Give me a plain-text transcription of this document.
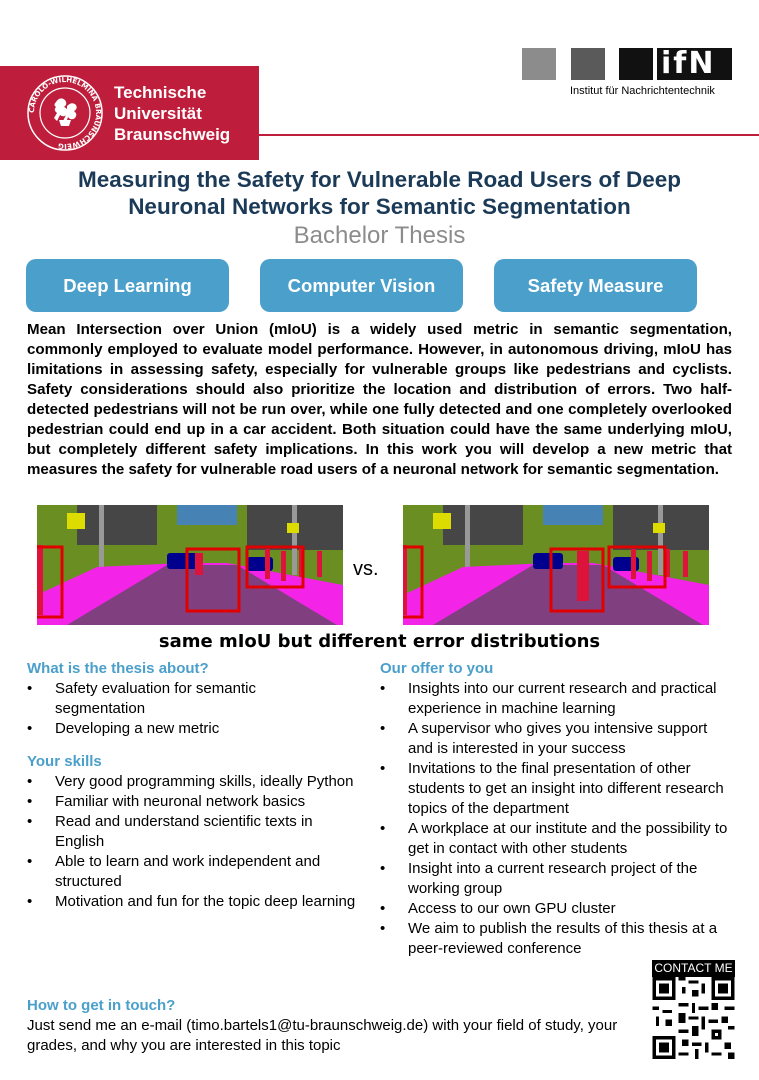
CAROLO-WILHELMINA BRAUNSCHWEIG
Technische
Universität
Braunschweig
ifN
Institut für Nachrichtentechnik
Measuring the Safety for Vulnerable Road Users of Deep
Neuronal Networks for Semantic Segmentation
Bachelor Thesis
Deep Learning	Computer Vision	Safety Measure
Mean Intersection over Union (mIoU) is a widely used metric in semantic segmentation, commonly employed to evaluate model performance. However, in autonomous driving, mIoU has limitations in assessing safety, especially for vulnerable groups like pedestrians and cyclists. Safety considerations should also prioritize the location and distribution of errors. Two half-detected pedestrians will not be run over, while one fully detected and one completely overlooked pedestrian could end up in a car accident. Both situation could have the same underlying mIoU, but completely different safety implications. In this work you will develop a new metric that measures the safety for vulnerable road users of a neuronal network for semantic segmentation.
vs.
same mIoU but different error distributions
What is the thesis about?
• Safety evaluation for semantic segmentation
• Developing a new metric
Your skills
• Very good programming skills, ideally Python
• Familiar with neuronal network basics
• Read and understand scientific texts in English
• Able to learn and work independent and structured
• Motivation and fun for the topic deep learning
Our offer to you
• Insights into our current research and practical experience in machine learning
• A supervisor who gives you intensive support and is interested in your success
• Invitations to the final presentation of other students to get an insight into different research topics of the department
• A workplace at our institute and the possibility to get in contact with other students
• Insight into a current research project of the working group
• Access to our own GPU cluster
• We aim to publish the results of this thesis at a peer-reviewed conference
How to get in touch?

Just send me an e-mail (timo.bartels1@tu-braunschweig.de) with your field of study, your grades, and why you are interested in this topic

CONTACT ME
